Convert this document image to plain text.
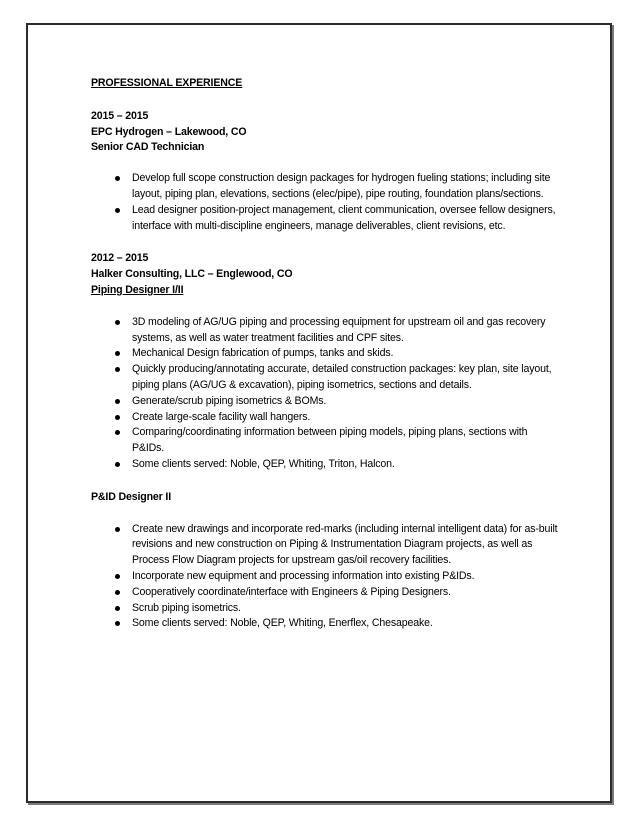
PROFESSIONAL EXPERIENCE

2015 – 2015

EPC Hydrogen – Lakewood, CO

Senior CAD Technician

Develop full scope construction design packages for hydrogen fueling stations; including site layout, piping plan, elevations, sections (elec/pipe), pipe routing, foundation plans/sections.
Lead designer position-project management, client communication, oversee fellow designers, interface with multi-discipline engineers, manage deliverables, client revisions, etc.

2012 – 2015

Halker Consulting, LLC – Englewood, CO

Piping Designer I/II

3D modeling of AG/UG piping and processing equipment for upstream oil and gas recovery systems, as well as water treatment facilities and CPF sites.
Mechanical Design fabrication of pumps, tanks and skids.
Quickly producing/annotating accurate, detailed construction packages: key plan, site layout, piping plans (AG/UG & excavation), piping isometrics, sections and details.
Generate/scrub piping isometrics & BOMs.
Create large-scale facility wall hangers.
Comparing/coordinating information between piping models, piping plans, sections with P&IDs.
Some clients served: Noble, QEP, Whiting, Triton, Halcon.

P&ID Designer II

Create new drawings and incorporate red-marks (including internal intelligent data) for as-built revisions and new construction on Piping & Instrumentation Diagram projects, as well as Process Flow Diagram projects for upstream gas/oil recovery facilities.
Incorporate new equipment and processing information into existing P&IDs.
Cooperatively coordinate/interface with Engineers & Piping Designers.
Scrub piping isometrics.
Some clients served: Noble, QEP, Whiting, Enerflex, Chesapeake.
